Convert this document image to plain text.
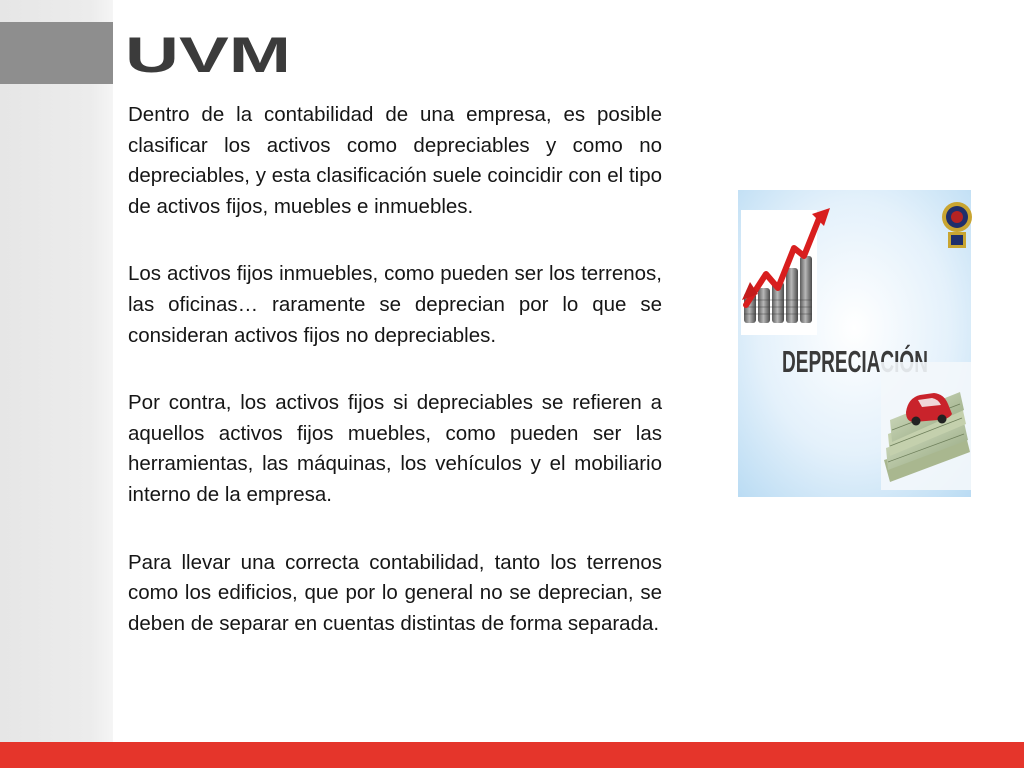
UVM

Dentro de la contabilidad de una empresa, es posible clasificar los activos como depreciables y como no depreciables, y esta clasificación suele coincidir con el tipo de activos fijos, muebles e inmuebles.

Los activos fijos inmuebles, como pueden ser los terrenos, las oficinas… raramente se deprecian por lo que se consideran activos fijos no depreciables.

Por contra, los activos fijos si depreciables se refieren a aquellos activos fijos muebles, como pueden ser las herramientas, las máquinas, los vehículos y el mobiliario interno de la empresa.

Para llevar una correcta contabilidad, tanto los terrenos como los edificios, que por lo general no se deprecian, se deben de separar en cuentas distintas de forma separada.

DEPRECIACIÓN
